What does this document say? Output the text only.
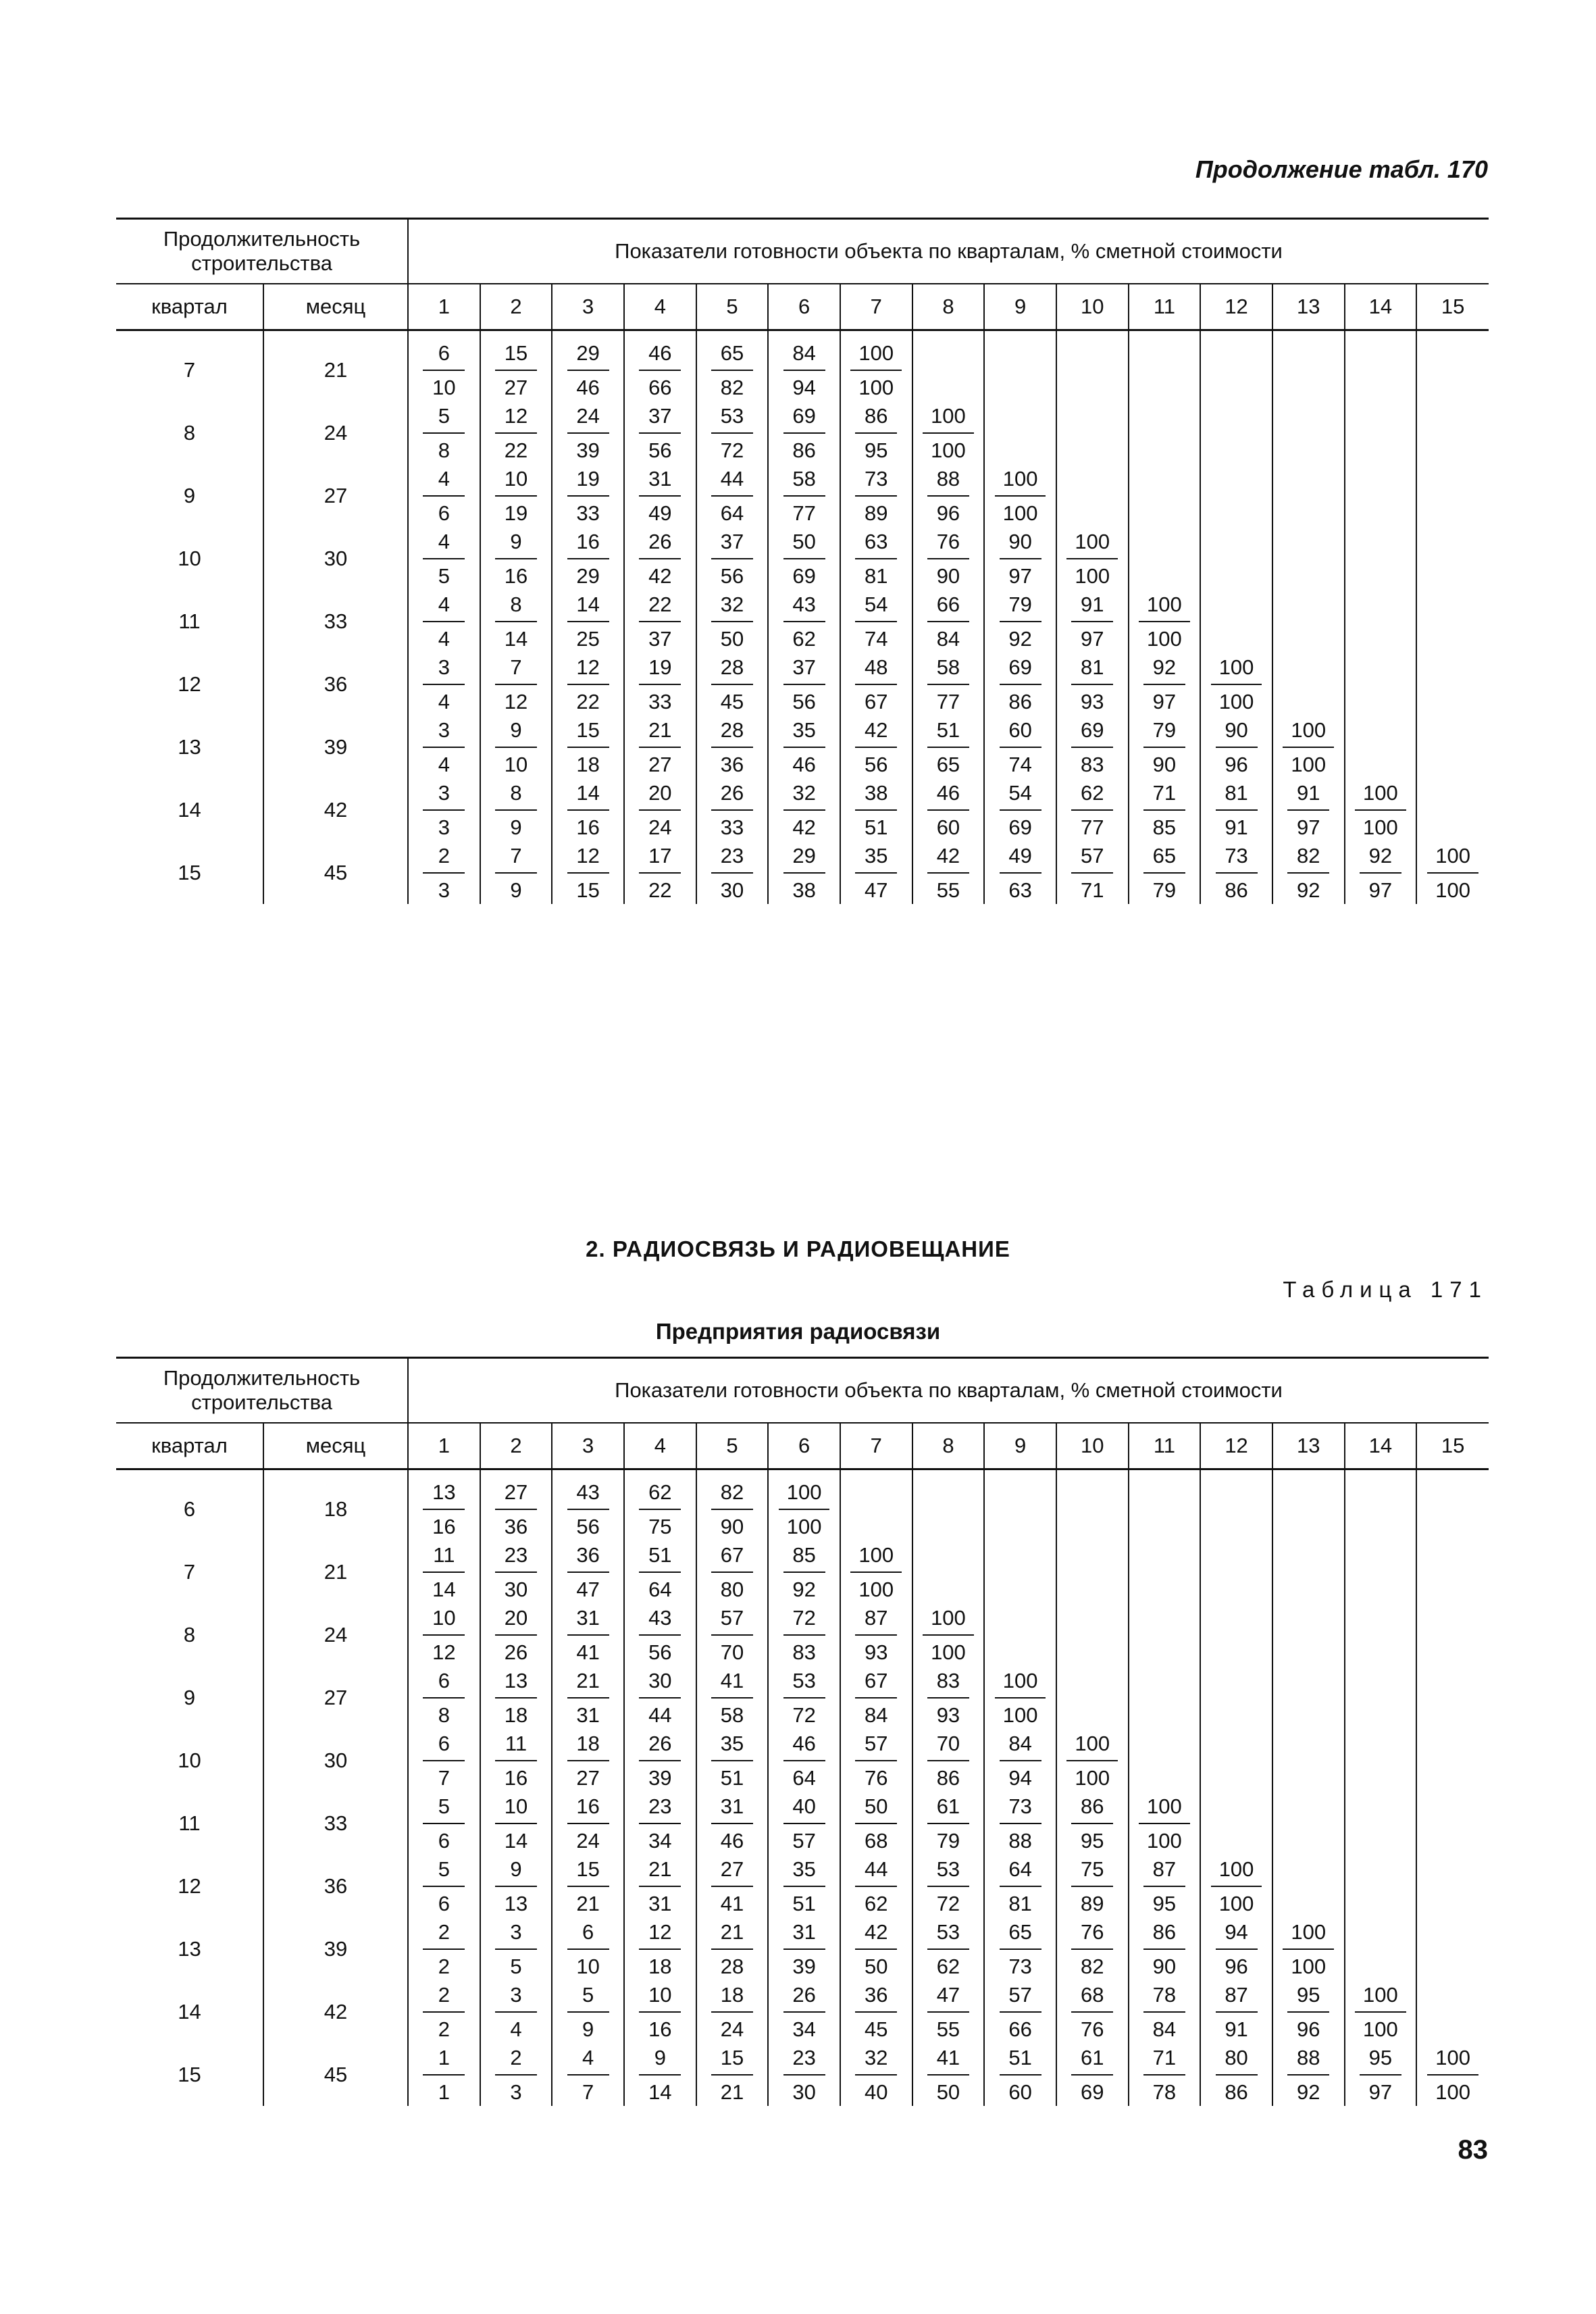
Продолжение табл. 170
Продолжительность строительства		Показатели готовности объекта по кварталам, % сметной стоимости														
квартал	месяц	1	2	3	4	5	6	7	8	9	10	11	12	13	14	15
7	21	$\frac{6}{10}$	$\frac{15}{27}$	$\frac{29}{46}$	$\frac{46}{66}$	$\frac{65}{82}$	$\frac{84}{94}$	$\frac{100}{100}$

8	24	$\frac{5}{8}$	$\frac{12}{22}$	$\frac{24}{39}$	$\frac{37}{56}$	$\frac{53}{72}$	$\frac{69}{86}$	$\frac{86}{95}$	$\frac{100}{100}$

9	27	$\frac{4}{6}$	$\frac{10}{19}$	$\frac{19}{33}$	$\frac{31}{49}$	$\frac{44}{64}$	$\frac{58}{77}$	$\frac{73}{89}$	$\frac{88}{96}$	$\frac{100}{100}$

10	30	$\frac{4}{5}$	$\frac{9}{16}$	$\frac{16}{29}$	$\frac{26}{42}$	$\frac{37}{56}$	$\frac{50}{69}$	$\frac{63}{81}$	$\frac{76}{90}$	$\frac{90}{97}$	$\frac{100}{100}$

11	33	$\frac{4}{4}$	$\frac{8}{14}$	$\frac{14}{25}$	$\frac{22}{37}$	$\frac{32}{50}$	$\frac{43}{62}$	$\frac{54}{74}$	$\frac{66}{84}$	$\frac{79}{92}$	$\frac{91}{97}$	$\frac{100}{100}$

12	36	$\frac{3}{4}$	$\frac{7}{12}$	$\frac{12}{22}$	$\frac{19}{33}$	$\frac{28}{45}$	$\frac{37}{56}$	$\frac{48}{67}$	$\frac{58}{77}$	$\frac{69}{86}$	$\frac{81}{93}$	$\frac{92}{97}$	$\frac{100}{100}$

13	39	$\frac{3}{4}$	$\frac{9}{10}$	$\frac{15}{18}$	$\frac{21}{27}$	$\frac{28}{36}$	$\frac{35}{46}$	$\frac{42}{56}$	$\frac{51}{65}$	$\frac{60}{74}$	$\frac{69}{83}$	$\frac{79}{90}$	$\frac{90}{96}$	$\frac{100}{100}$

14	42	$\frac{3}{3}$	$\frac{8}{9}$	$\frac{14}{16}$	$\frac{20}{24}$	$\frac{26}{33}$	$\frac{32}{42}$	$\frac{38}{51}$	$\frac{46}{60}$	$\frac{54}{69}$	$\frac{62}{77}$	$\frac{71}{85}$	$\frac{81}{91}$	$\frac{91}{97}$	$\frac{100}{100}$

15	45	$\frac{2}{3}$	$\frac{7}{9}$	$\frac{12}{15}$	$\frac{17}{22}$	$\frac{23}{30}$	$\frac{29}{38}$	$\frac{35}{47}$	$\frac{42}{55}$	$\frac{49}{63}$	$\frac{57}{71}$	$\frac{65}{79}$	$\frac{73}{86}$	$\frac{82}{92}$	$\frac{92}{97}$	$\frac{100}{100}$
2. РАДИОСВЯЗЬ И РАДИОВЕЩАНИЕ
Таблица 171
Предприятия радиосвязи
Продолжительность строительства		Показатели готовности объекта по кварталам, % сметной стоимости														
квартал	месяц	1	2	3	4	5	6	7	8	9	10	11	12	13	14	15
6	18	$\frac{13}{16}$	$\frac{27}{36}$	$\frac{43}{56}$	$\frac{62}{75}$	$\frac{82}{90}$	$\frac{100}{100}$

7	21	$\frac{11}{14}$	$\frac{23}{30}$	$\frac{36}{47}$	$\frac{51}{64}$	$\frac{67}{80}$	$\frac{85}{92}$	$\frac{100}{100}$

8	24	$\frac{10}{12}$	$\frac{20}{26}$	$\frac{31}{41}$	$\frac{43}{56}$	$\frac{57}{70}$	$\frac{72}{83}$	$\frac{87}{93}$	$\frac{100}{100}$

9	27	$\frac{6}{8}$	$\frac{13}{18}$	$\frac{21}{31}$	$\frac{30}{44}$	$\frac{41}{58}$	$\frac{53}{72}$	$\frac{67}{84}$	$\frac{83}{93}$	$\frac{100}{100}$

10	30	$\frac{6}{7}$	$\frac{11}{16}$	$\frac{18}{27}$	$\frac{26}{39}$	$\frac{35}{51}$	$\frac{46}{64}$	$\frac{57}{76}$	$\frac{70}{86}$	$\frac{84}{94}$	$\frac{100}{100}$

11	33	$\frac{5}{6}$	$\frac{10}{14}$	$\frac{16}{24}$	$\frac{23}{34}$	$\frac{31}{46}$	$\frac{40}{57}$	$\frac{50}{68}$	$\frac{61}{79}$	$\frac{73}{88}$	$\frac{86}{95}$	$\frac{100}{100}$

12	36	$\frac{5}{6}$	$\frac{9}{13}$	$\frac{15}{21}$	$\frac{21}{31}$	$\frac{27}{41}$	$\frac{35}{51}$	$\frac{44}{62}$	$\frac{53}{72}$	$\frac{64}{81}$	$\frac{75}{89}$	$\frac{87}{95}$	$\frac{100}{100}$

13	39	$\frac{2}{2}$	$\frac{3}{5}$	$\frac{6}{10}$	$\frac{12}{18}$	$\frac{21}{28}$	$\frac{31}{39}$	$\frac{42}{50}$	$\frac{53}{62}$	$\frac{65}{73}$	$\frac{76}{82}$	$\frac{86}{90}$	$\frac{94}{96}$	$\frac{100}{100}$

14	42	$\frac{2}{2}$	$\frac{3}{4}$	$\frac{5}{9}$	$\frac{10}{16}$	$\frac{18}{24}$	$\frac{26}{34}$	$\frac{36}{45}$	$\frac{47}{55}$	$\frac{57}{66}$	$\frac{68}{76}$	$\frac{78}{84}$	$\frac{87}{91}$	$\frac{95}{96}$	$\frac{100}{100}$

15	45	$\frac{1}{1}$	$\frac{2}{3}$	$\frac{4}{7}$	$\frac{9}{14}$	$\frac{15}{21}$	$\frac{23}{30}$	$\frac{32}{40}$	$\frac{41}{50}$	$\frac{51}{60}$	$\frac{61}{69}$	$\frac{71}{78}$	$\frac{80}{86}$	$\frac{88}{92}$	$\frac{95}{97}$	$\frac{100}{100}$
83
